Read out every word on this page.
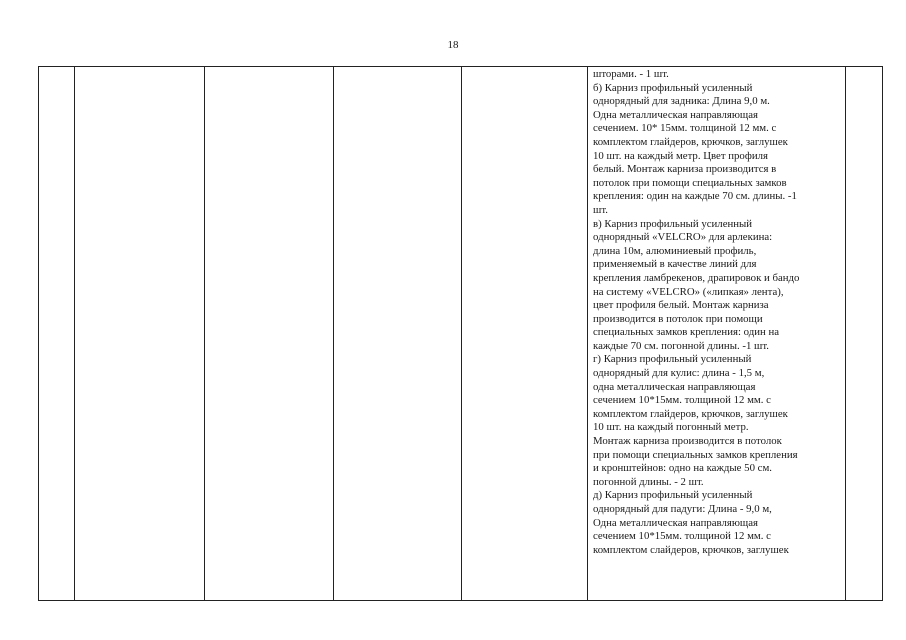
18

шторами. - 1 шт.
б) Карниз профильный усиленный
однорядный для задника: Длина 9,0 м.
Одна металлическая направляющая
сечением. 10* 15мм. толщиной 12 мм. с
комплектом глайдеров, крючков, заглушек
10 шт. на каждый метр. Цвет профиля
белый. Монтаж карниза производится в
потолок при помощи специальных замков
крепления: один на каждые 70 см. длины. -1
шт.
в) Карниз профильный усиленный
однорядный «VELCRO» для арлекина:
длина 10м, алюминиевый профиль,
применяемый в качестве линий для
крепления ламбрекенов, драпировок и бандо
на систему «VELCRO» («липкая» лента),
цвет профиля белый. Монтаж карниза
производится в потолок при помощи
специальных замков крепления: один на
каждые 70 см. погонной длины. -1 шт.
г) Карниз профильный усиленный
однорядный для кулис: длина - 1,5 м,
одна металлическая направляющая
сечением 10*15мм. толщиной 12 мм. с
комплектом глайдеров, крючков, заглушек
10 шт. на каждый погонный метр.
Монтаж карниза производится в потолок
при помощи специальных замков крепления
и кронштейнов: одно на каждые 50 см.
погонной длины. - 2 шт.
д) Карниз профильный усиленный
однорядный для падуги: Длина - 9,0 м,
Одна металлическая направляющая
сечением 10*15мм. толщиной 12 мм. с
комплектом слайдеров, крючков, заглушек
